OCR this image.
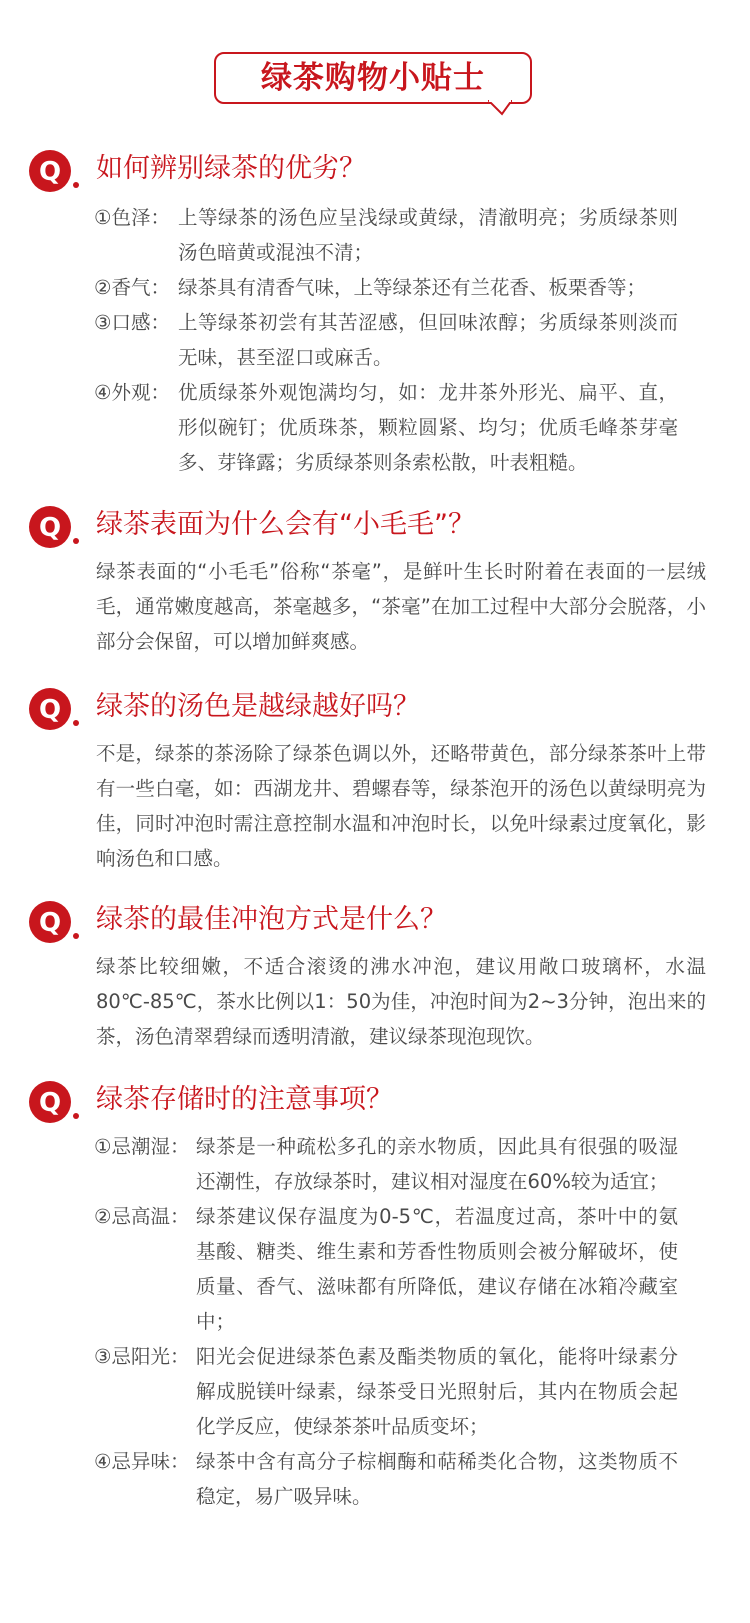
绿茶购物小贴士
Q 如何辨别绿茶的优劣？
①色泽： 上等绿茶的汤色应呈浅绿或黄绿，清澈明亮；劣质绿茶则汤色暗黄或混浊不清；
②香气： 绿茶具有清香气味，上等绿茶还有兰花香、板栗香等；
③口感： 上等绿茶初尝有其苦涩感，但回味浓醇；劣质绿茶则淡而无味，甚至涩口或麻舌。
④外观： 优质绿茶外观饱满均匀，如：龙井茶外形光、扁平、直，形似碗钉；优质珠茶，颗粒圆紧、均匀；优质毛峰茶芽毫多、芽锋露；劣质绿茶则条索松散，叶表粗糙。
Q 绿茶表面为什么会有“小毛毛”？
绿茶表面的“小毛毛”俗称“茶毫”，是鲜叶生长时附着在表面的一层绒毛，通常嫩度越高，茶毫越多，“茶毫”在加工过程中大部分会脱落，小部分会保留，可以增加鲜爽感。
Q 绿茶的汤色是越绿越好吗？
不是，绿茶的茶汤除了绿茶色调以外，还略带黄色，部分绿茶茶叶上带有一些白毫，如：西湖龙井、碧螺春等，绿茶泡开的汤色以黄绿明亮为佳，同时冲泡时需注意控制水温和冲泡时长，以免叶绿素过度氧化，影响汤色和口感。
Q 绿茶的最佳冲泡方式是什么？
绿茶比较细嫩，不适合滚烫的沸水冲泡，建议用敞口玻璃杯，水温80℃-85℃，茶水比例以1：50为佳，冲泡时间为2~3分钟，泡出来的茶，汤色清翠碧绿而透明清澈，建议绿茶现泡现饮。
Q 绿茶存储时的注意事项？
①忌潮湿： 绿茶是一种疏松多孔的亲水物质，因此具有很强的吸湿还潮性，存放绿茶时，建议相对湿度在60%较为适宜；
②忌高温： 绿茶建议保存温度为0-5℃，若温度过高，茶叶中的氨基酸、糖类、维生素和芳香性物质则会被分解破坏，使质量、香气、滋味都有所降低，建议存储在冰箱冷藏室中；
③忌阳光： 阳光会促进绿茶色素及酯类物质的氧化，能将叶绿素分解成脱镁叶绿素，绿茶受日光照射后，其内在物质会起化学反应，使绿茶茶叶品质变坏；
④忌异味： 绿茶中含有高分子棕榈酶和萜稀类化合物，这类物质不稳定，易广吸异味。
